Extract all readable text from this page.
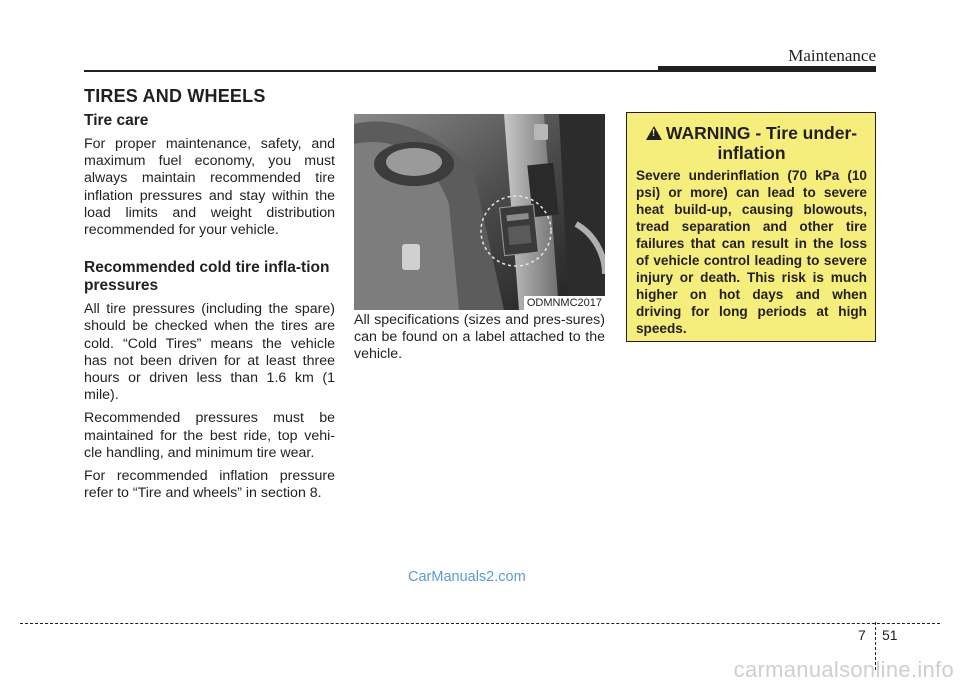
Maintenance
TIRES AND WHEELS
Tire care

For proper maintenance, safety, and maximum fuel economy, you must always maintain recommended tire inflation pressures and stay within the load limits and weight distribution recommended for your vehicle.

Recommended cold tire infla-tion pressures

All tire pressures (including the spare) should be checked when the tires are cold. “Cold Tires” means the vehicle has not been driven for at least three hours or driven less than 1.6 km (1 mile).

Recommended pressures must be maintained for the best ride, top vehi-cle handling, and minimum tire wear.

For recommended inflation pressure refer to “Tire and wheels” in section 8.

ODMNMC2017

All specifications (sizes and pres-sures) can be found on a label attached to the vehicle.

! WARNING - Tire under-
inflation

Severe underinflation (70 kPa (10 psi) or more) can lead to severe heat build-up, causing blowouts, tread separation and other tire failures that can result in the loss of vehicle control leading to severe injury or death. This risk is much higher on hot days and when driving for long periods at high speeds.

CarManuals2.com
7 51
carmanualsonline.info
